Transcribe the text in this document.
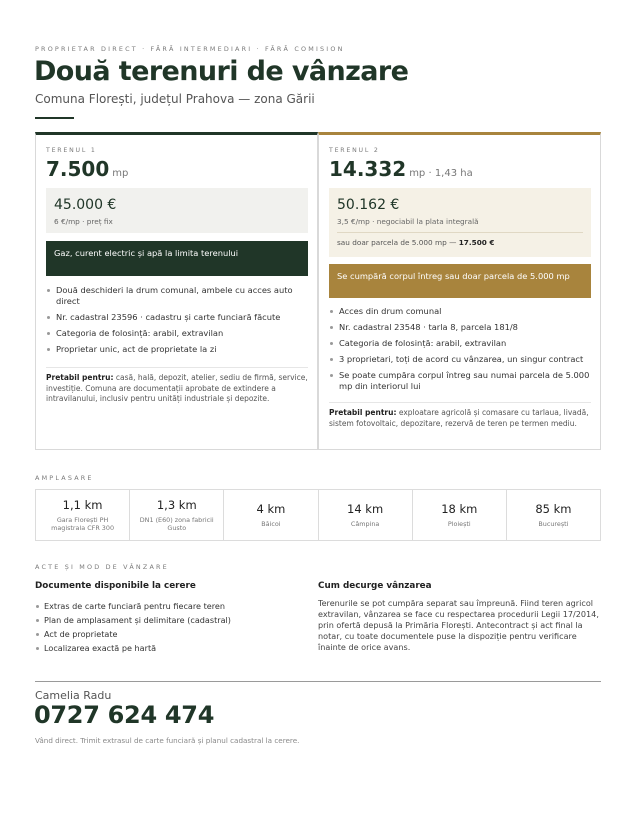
PROPRIETAR DIRECT · FĂRĂ INTERMEDIARI · FĂRĂ COMISION
Două terenuri de vânzare
Comuna Florești, județul Prahova — zona Gării
TERENUL 1
7.500 mp
45.000 €
6 €/mp · preț fix
Gaz, curent electric și apă la limita terenului
Două deschideri la drum comunal, ambele cu acces auto direct
Nr. cadastral 23596 · cadastru și carte funciară făcute
Categoria de folosință: arabil, extravilan
Proprietar unic, act de proprietate la zi
Pretabil pentru: casă, hală, depozit, atelier, sediu de firmă, service, investiție. Comuna are documentații aprobate de extindere a intravilanului, inclusiv pentru unități industriale și depozite.
TERENUL 2
14.332 mp · 1,43 ha
50.162 €
3,5 €/mp · negociabil la plata integrală
sau doar parcela de 5.000 mp — 17.500 €
Se cumpără corpul întreg sau doar parcela de 5.000 mp
Acces din drum comunal
Nr. cadastral 23548 · tarla 8, parcela 181/8
Categoria de folosință: arabil, extravilan
3 proprietari, toți de acord cu vânzarea, un singur contract
Se poate cumpăra corpul întreg sau numai parcela de 5.000 mp din interiorul lui
Pretabil pentru: exploatare agricolă și comasare cu tarlaua, livadă, sistem fotovoltaic, depozitare, rezervă de teren pe termen mediu.
AMPLASARE
1,1 km
Gara Florești PH magistrala CFR 300
1,3 km
DN1 (E60) zona fabricii Gusto
4 km
Băicoi
14 km
Câmpina
18 km
Ploiești
85 km
București
ACTE ȘI MOD DE VÂNZARE
Documente disponibile la cerere
Extras de carte funciară pentru fiecare teren
Plan de amplasament și delimitare (cadastral)
Act de proprietate
Localizarea exactă pe hartă
Cum decurge vânzarea
Terenurile se pot cumpăra separat sau împreună. Fiind teren agricol extravilan, vânzarea se face cu respectarea procedurii Legii 17/2014, prin ofertă depusă la Primăria Florești. Antecontract și act final la notar, cu toate documentele puse la dispoziție pentru verificare înainte de orice avans.
Camelia Radu
0727 624 474
Vând direct. Trimit extrasul de carte funciară și planul cadastral la cerere.
